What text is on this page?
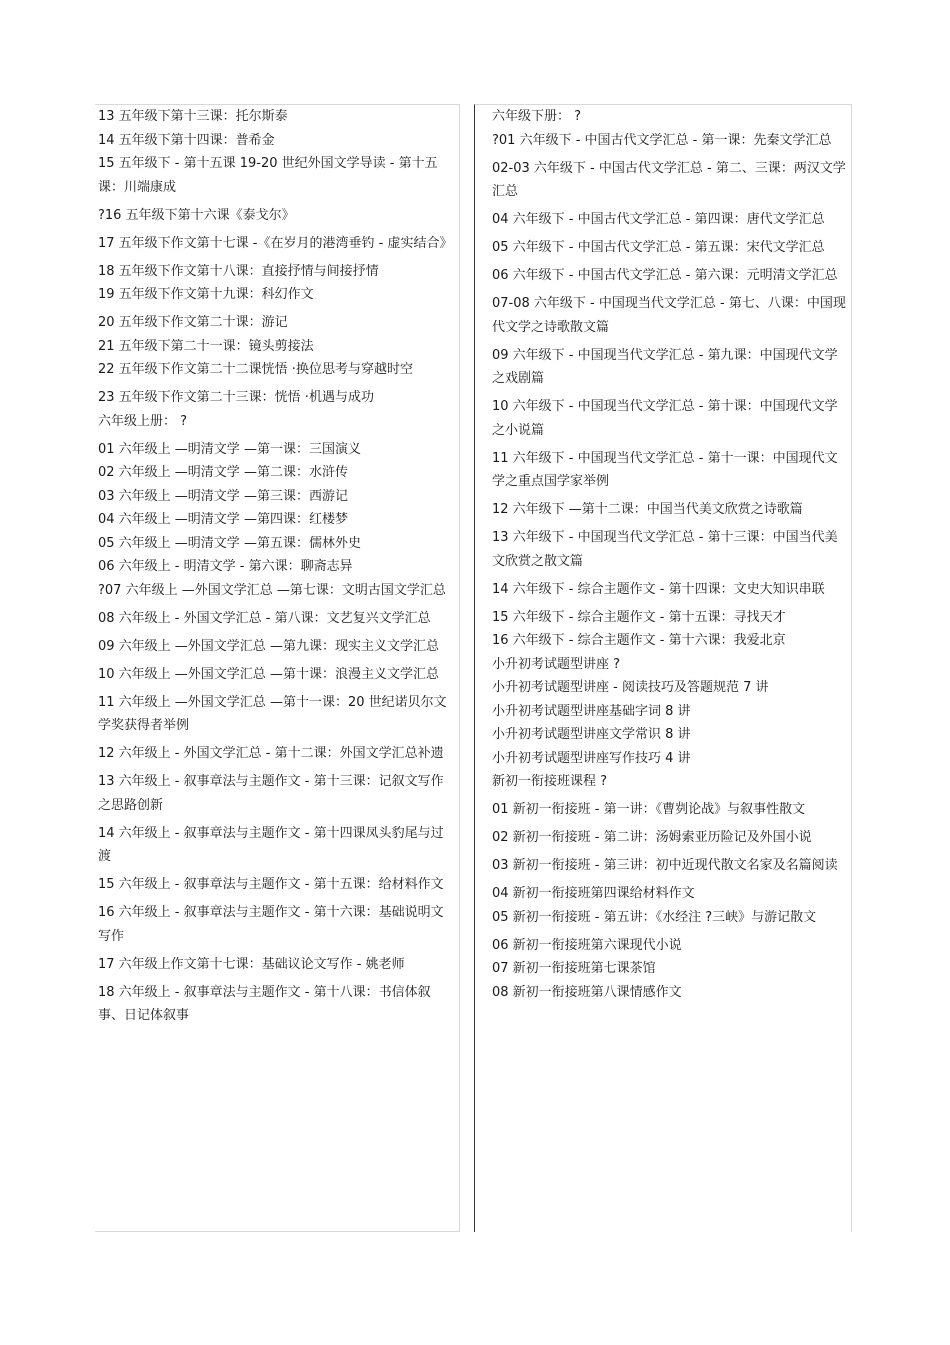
13 五年级下第十三课：托尔斯泰
14 五年级下第十四课：普希金
15 五年级下 - 第十五课 19-20 世纪外国文学导读 - 第十五课：川端康成
?16 五年级下第十六课《泰戈尔》
17 五年级下作文第十七课 -《在岁月的港湾垂钓 - 虚实结合》
18 五年级下作文第十八课：直接抒情与间接抒情
19 五年级下作文第十九课：科幻作文
20 五年级下作文第二十课：游记
21 五年级下第二十一课：镜头剪接法
22 五年级下作文第二十二课恍悟 ·换位思考与穿越时空
23 五年级下作文第二十三课：恍悟 ·机遇与成功
六年级上册： ?
01 六年级上 —明清文学 —第一课：三国演义
02 六年级上 —明清文学 —第二课：水浒传
03 六年级上 —明清文学 —第三课：西游记
04 六年级上 —明清文学 —第四课：红楼梦
05 六年级上 —明清文学 —第五课：儒林外史
06 六年级上 - 明清文学 - 第六课：聊斋志异
?07 六年级上 —外国文学汇总 —第七课：文明古国文学汇总
08 六年级上 - 外国文学汇总 - 第八课：文艺复兴文学汇总
09 六年级上 —外国文学汇总 —第九课：现实主义文学汇总
10 六年级上 —外国文学汇总 —第十课：浪漫主义文学汇总
11 六年级上 —外国文学汇总 —第十一课：20 世纪诺贝尔文学奖获得者举例
12 六年级上 - 外国文学汇总 - 第十二课：外国文学汇总补遗
13 六年级上 - 叙事章法与主题作文 - 第十三课：记叙文写作之思路创新
14 六年级上 - 叙事章法与主题作文 - 第十四课凤头豹尾与过渡
15 六年级上 - 叙事章法与主题作文 - 第十五课：给材料作文
16 六年级上 - 叙事章法与主题作文 - 第十六课：基础说明文写作
17 六年级上作文第十七课：基础议论文写作 - 姚老师
18 六年级上 - 叙事章法与主题作文 - 第十八课：书信体叙事、日记体叙事
六年级下册： ?
?01 六年级下 - 中国古代文学汇总 - 第一课：先秦文学汇总
02-03 六年级下 - 中国古代文学汇总 - 第二、三课：两汉文学汇总
04 六年级下 - 中国古代文学汇总 - 第四课：唐代文学汇总
05 六年级下 - 中国古代文学汇总 - 第五课：宋代文学汇总
06 六年级下 - 中国古代文学汇总 - 第六课：元明清文学汇总
07-08 六年级下 - 中国现当代文学汇总 - 第七、八课：中国现代文学之诗歌散文篇
09 六年级下 - 中国现当代文学汇总 - 第九课：中国现代文学之戏剧篇
10 六年级下 - 中国现当代文学汇总 - 第十课：中国现代文学之小说篇
11 六年级下 - 中国现当代文学汇总 - 第十一课：中国现代文学之重点国学家举例
12 六年级下 —第十二课：中国当代美文欣赏之诗歌篇
13 六年级下 - 中国现当代文学汇总 - 第十三课：中国当代美文欣赏之散文篇
14 六年级下 - 综合主题作文 - 第十四课：文史大知识串联
15 六年级下 - 综合主题作文 - 第十五课：寻找天才
16 六年级下 - 综合主题作文 - 第十六课：我爱北京
小升初考试题型讲座 ?
小升初考试题型讲座 - 阅读技巧及答题规范 7 讲
小升初考试题型讲座基础字词 8 讲
小升初考试题型讲座文学常识 8 讲
小升初考试题型讲座写作技巧 4 讲
新初一衔接班课程 ?
01 新初一衔接班 - 第一讲：《曹刿论战》与叙事性散文
02 新初一衔接班 - 第二讲：汤姆索亚历险记及外国小说
03 新初一衔接班 - 第三讲：初中近现代散文名家及名篇阅读
04 新初一衔接班第四课给材料作文
05 新初一衔接班 - 第五讲：《水经注 ?三峡》与游记散文
06 新初一衔接班第六课现代小说
07 新初一衔接班第七课茶馆
08 新初一衔接班第八课情感作文
